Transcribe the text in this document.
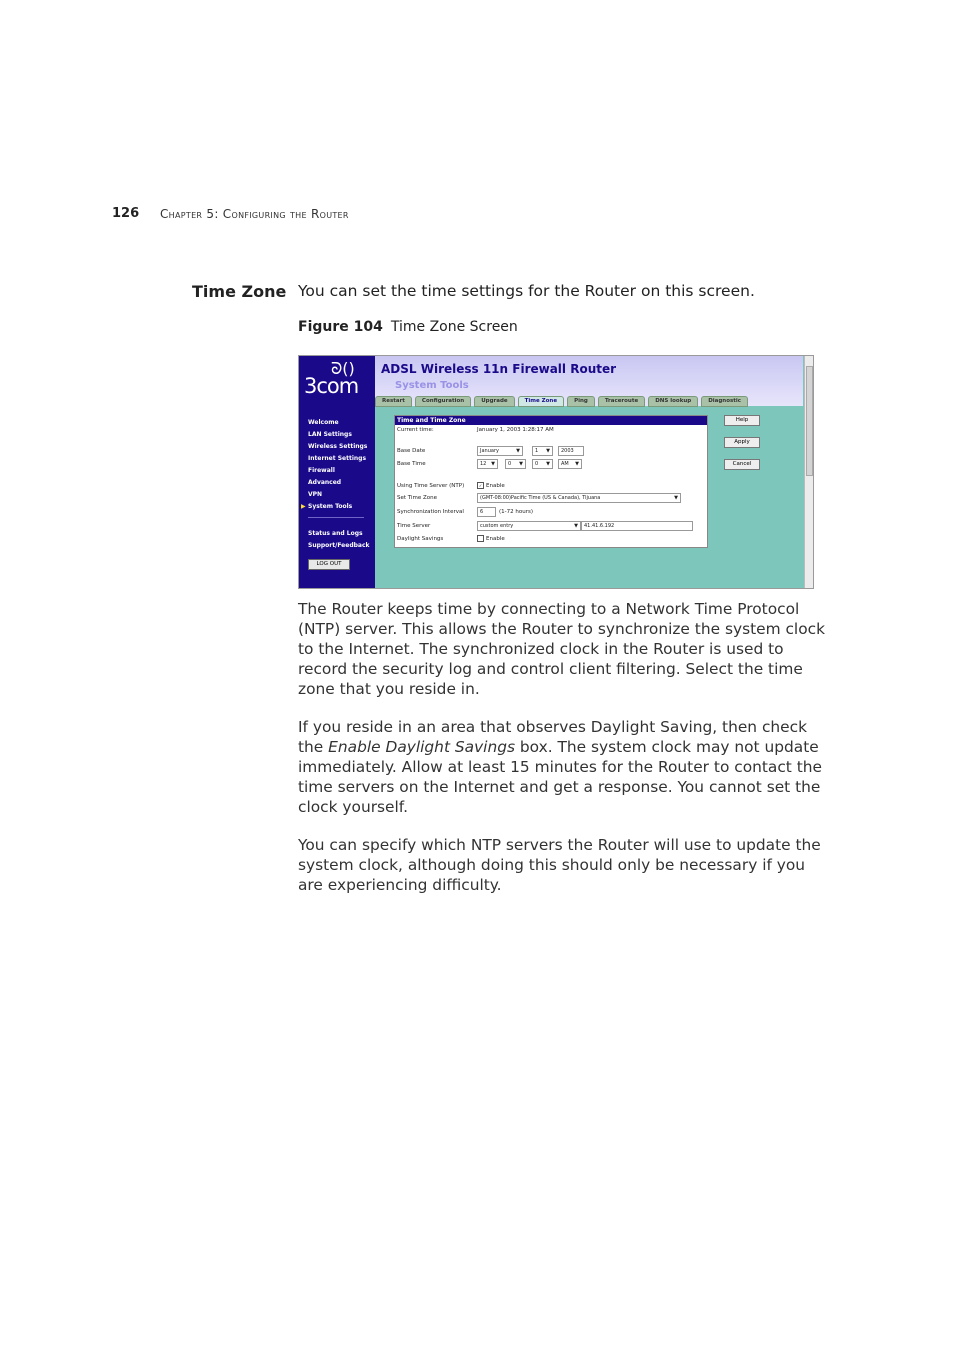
126 Chapter 5: Configuring the Router
Time Zone You can set the time settings for the Router on this screen.
Figure 104 Time Zone Screen
ᘐ()
3com
Welcome
LAN Settings
Wireless Settings
Internet Settings
Firewall
Advanced
VPN
▶ System Tools
Status and Logs
Support/Feedback
LOG OUT
ADSL Wireless 11n Firewall Router
System Tools
Restart	Configuration	Upgrade	Time Zone	Ping	Traceroute	DNS lookup	Diagnostic
Time and Time Zone
Current time:	January 1, 2003 1:28:17 AM
Base Date	January	▼	1 ▼	2003
Base Time	12 ▼	0 ▼	0 ▼	AM ▼
Using Time Server (NTP)	✓ Enable
Set Time Zone	(GMT-08:00)Pacific Time (US & Canada), Tijuana	▼
Synchronization Interval	6	(1-72 hours)
Time Server	custom entry	▼	41.41.6.192
Daylight Savings	Enable
Help
Apply
Cancel
The Router keeps time by connecting to a Network Time Protocol (NTP) server. This allows the Router to synchronize the system clock to the Internet. The synchronized clock in the Router is used to record the security log and control client filtering. Select the time zone that you reside in.
If you reside in an area that observes Daylight Saving, then check the Enable Daylight Savings box. The system clock may not update immediately. Allow at least 15 minutes for the Router to contact the time servers on the Internet and get a response. You cannot set the clock yourself.
You can specify which NTP servers the Router will use to update the system clock, although doing this should only be necessary if you are experiencing difficulty.
